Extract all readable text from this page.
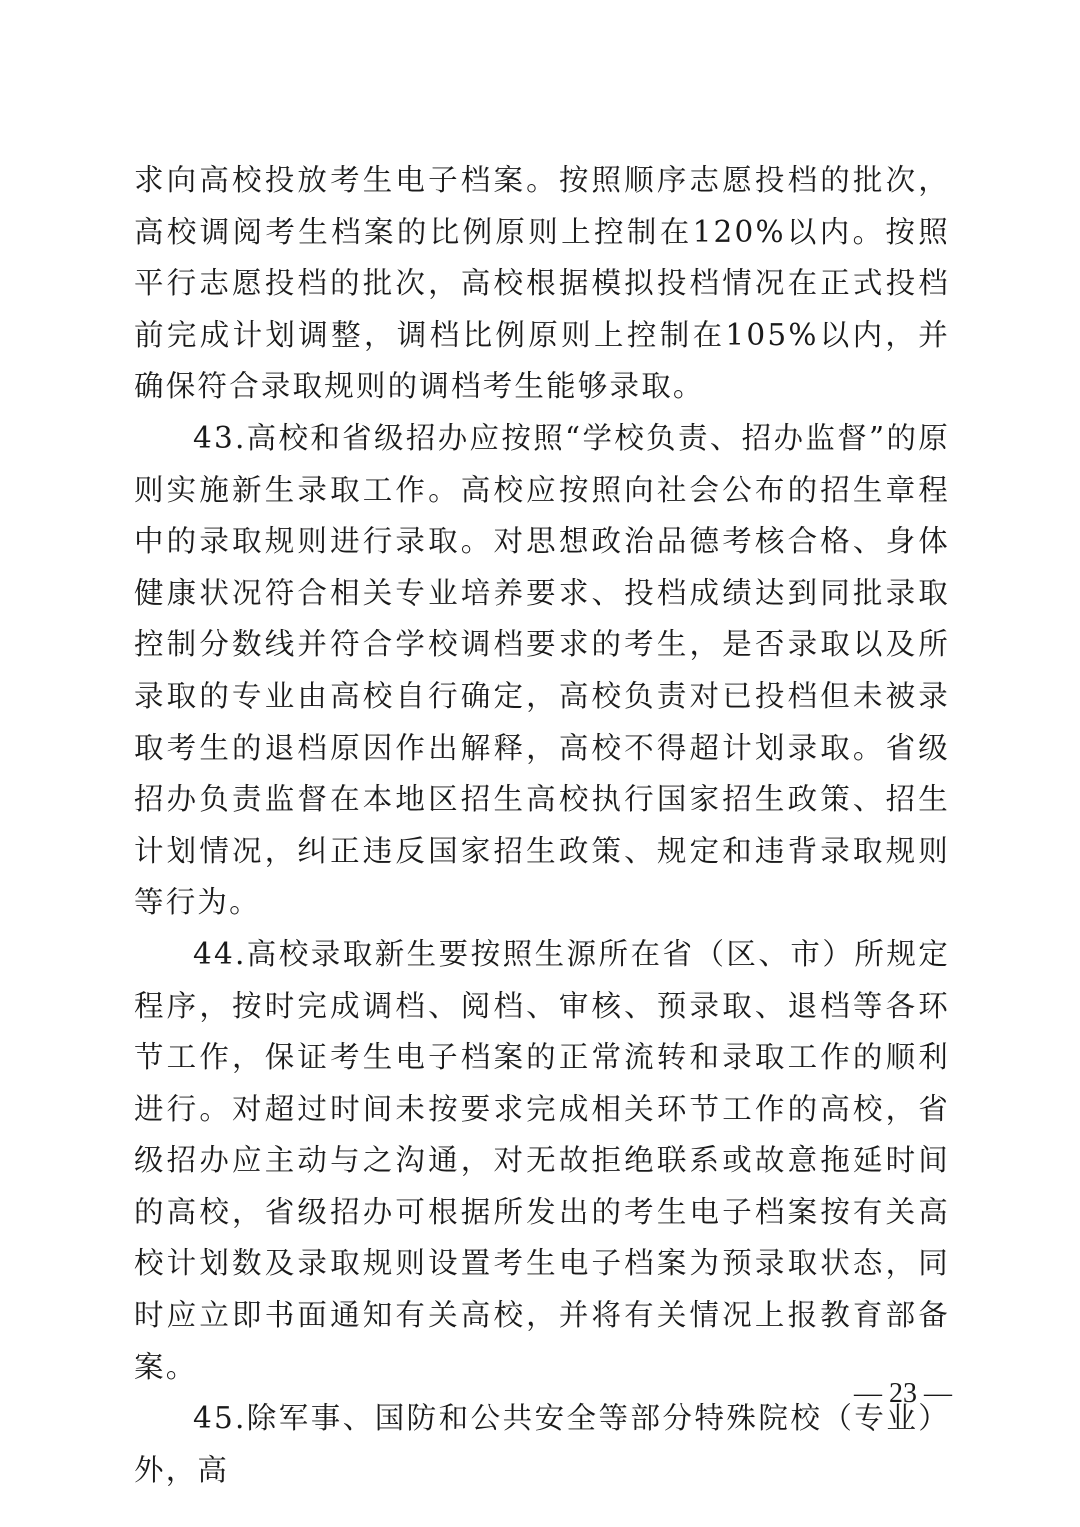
求向高校投放考生电子档案。按照顺序志愿投档的批次，高校调阅考生档案的比例原则上控制在120%以内。按照平行志愿投档的批次，高校根据模拟投档情况在正式投档前完成计划调整，调档比例原则上控制在105%以内，并确保符合录取规则的调档考生能够录取。

43.高校和省级招办应按照“学校负责、招办监督”的原则实施新生录取工作。高校应按照向社会公布的招生章程中的录取规则进行录取。对思想政治品德考核合格、身体健康状况符合相关专业培养要求、投档成绩达到同批录取控制分数线并符合学校调档要求的考生，是否录取以及所录取的专业由高校自行确定，高校负责对已投档但未被录取考生的退档原因作出解释，高校不得超计划录取。省级招办负责监督在本地区招生高校执行国家招生政策、招生计划情况，纠正违反国家招生政策、规定和违背录取规则等行为。

44.高校录取新生要按照生源所在省（区、市）所规定程序，按时完成调档、阅档、审核、预录取、退档等各环节工作，保证考生电子档案的正常流转和录取工作的顺利进行。对超过时间未按要求完成相关环节工作的高校，省级招办应主动与之沟通，对无故拒绝联系或故意拖延时间的高校，省级招办可根据所发出的考生电子档案按有关高校计划数及录取规则设置考生电子档案为预录取状态，同时应立即书面通知有关高校，并将有关情况上报教育部备案。

45.除军事、国防和公共安全等部分特殊院校（专业）外，高

— 23 —
